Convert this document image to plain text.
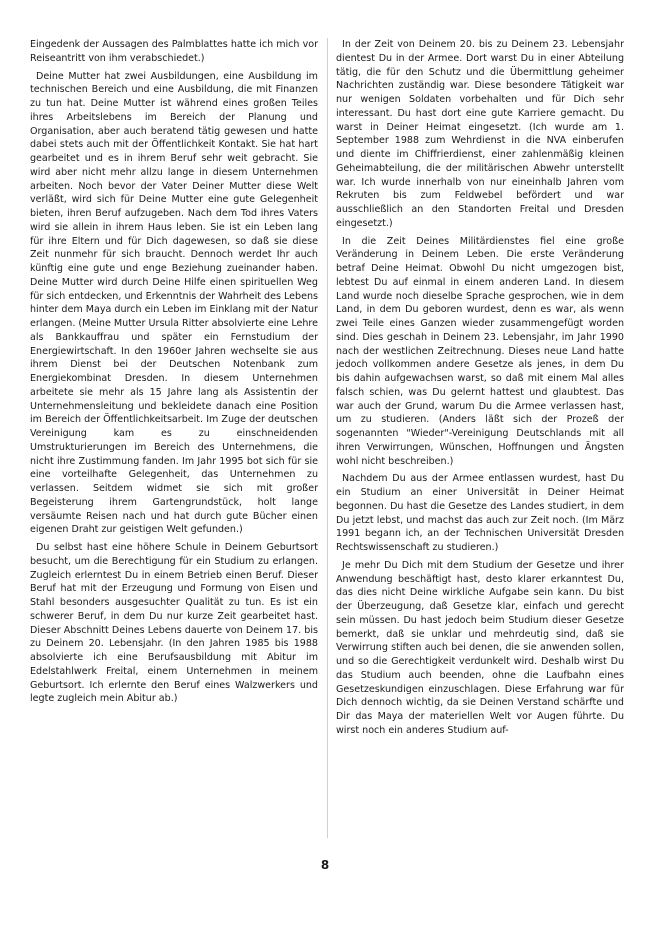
Eingedenk der Aussagen des Palmblattes hatte ich mich vor Reiseantritt von ihm verabschiedet.)

Deine Mutter hat zwei Ausbildungen, eine Ausbildung im technischen Bereich und eine Ausbildung, die mit Finanzen zu tun hat. Deine Mutter ist während eines großen Teiles ihres Arbeitslebens im Bereich der Planung und Organisation, aber auch beratend tätig gewesen und hatte dabei stets auch mit der Öffentlichkeit Kontakt. Sie hat hart gearbeitet und es in ihrem Beruf sehr weit gebracht. Sie wird aber nicht mehr allzu lange in diesem Unternehmen arbeiten. Noch bevor der Vater Deiner Mutter diese Welt verläßt, wird sich für Deine Mutter eine gute Gelegenheit bieten, ihren Beruf aufzugeben. Nach dem Tod ihres Vaters wird sie allein in ihrem Haus leben. Sie ist ein Leben lang für ihre Eltern und für Dich dagewesen, so daß sie diese Zeit nunmehr für sich braucht. Dennoch werdet Ihr auch künftig eine gute und enge Beziehung zueinander haben. Deine Mutter wird durch Deine Hilfe einen spirituellen Weg für sich entdecken, und Erkenntnis der Wahrheit des Lebens hinter dem Maya durch ein Leben im Einklang mit der Natur erlangen. (Meine Mutter Ursula Ritter absolvierte eine Lehre als Bankkauffrau und später ein Fernstudium der Energiewirtschaft. In den 1960er Jahren wechselte sie aus ihrem Dienst bei der Deutschen Notenbank zum Energiekombinat Dresden. In diesem Unternehmen arbeitete sie mehr als 15 Jahre lang als Assistentin der Unternehmensleitung und bekleidete danach eine Position im Bereich der Öffentlichkeitsarbeit. Im Zuge der deutschen Vereinigung kam es zu einschneidenden Umstrukturierungen im Bereich des Unternehmens, die nicht ihre Zustimmung fanden. Im Jahr 1995 bot sich für sie eine vorteilhafte Gelegenheit, das Unternehmen zu verlassen. Seitdem widmet sie sich mit großer Begeisterung ihrem Gartengrundstück, holt lange versäumte Reisen nach und hat durch gute Bücher einen eigenen Draht zur geistigen Welt gefunden.)

Du selbst hast eine höhere Schule in Deinem Geburtsort besucht, um die Berechtigung für ein Studium zu erlangen. Zugleich erlerntest Du in einem Betrieb einen Beruf. Dieser Beruf hat mit der Erzeugung und Formung von Eisen und Stahl besonders ausgesuchter Qualität zu tun. Es ist ein schwerer Beruf, in dem Du nur kurze Zeit gearbeitet hast. Dieser Abschnitt Deines Lebens dauerte von Deinem 17. bis zu Deinem 20. Lebensjahr. (In den Jahren 1985 bis 1988 absolvierte ich eine Berufsausbildung mit Abitur im Edelstahlwerk Freital, einem Unternehmen in meinem Geburtsort. Ich erlernte den Beruf eines Walzwerkers und legte zugleich mein Abitur ab.)

In der Zeit von Deinem 20. bis zu Deinem 23. Lebensjahr dientest Du in der Armee. Dort warst Du in einer Abteilung tätig, die für den Schutz und die Übermittlung geheimer Nachrichten zuständig war. Diese besondere Tätigkeit war nur wenigen Soldaten vorbehalten und für Dich sehr interessant. Du hast dort eine gute Karriere gemacht. Du warst in Deiner Heimat eingesetzt. (Ich wurde am 1. September 1988 zum Wehrdienst in die NVA einberufen und diente im Chiffrierdienst, einer zahlenmäßig kleinen Geheimabteilung, die der militärischen Abwehr unterstellt war. Ich wurde innerhalb von nur eineinhalb Jahren vom Rekruten bis zum Feldwebel befördert und war ausschließlich an den Standorten Freital und Dresden eingesetzt.)

In die Zeit Deines Militärdienstes fiel eine große Veränderung in Deinem Leben. Die erste Veränderung betraf Deine Heimat. Obwohl Du nicht umgezogen bist, lebtest Du auf einmal in einem anderen Land. In diesem Land wurde noch dieselbe Sprache gesprochen, wie in dem Land, in dem Du geboren wurdest, denn es war, als wenn zwei Teile eines Ganzen wieder zusammengefügt worden sind. Dies geschah in Deinem 23. Lebensjahr, im Jahr 1990 nach der westlichen Zeitrechnung. Dieses neue Land hatte jedoch vollkommen andere Gesetze als jenes, in dem Du bis dahin aufgewachsen warst, so daß mit einem Mal alles falsch schien, was Du gelernt hattest und glaubtest. Das war auch der Grund, warum Du die Armee verlassen hast, um zu studieren. (Anders läßt sich der Prozeß der sogenannten "Wieder"-Vereinigung Deutschlands mit all ihren Verwirrungen, Wünschen, Hoffnungen und Ängsten wohl nicht beschreiben.)

Nachdem Du aus der Armee entlassen wurdest, hast Du ein Studium an einer Universität in Deiner Heimat begonnen. Du hast die Gesetze des Landes studiert, in dem Du jetzt lebst, und machst das auch zur Zeit noch. (Im März 1991 begann ich, an der Technischen Universität Dresden Rechtswissenschaft zu studieren.)

Je mehr Du Dich mit dem Studium der Gesetze und ihrer Anwendung beschäftigt hast, desto klarer erkanntest Du, das dies nicht Deine wirkliche Aufgabe sein kann. Du bist der Überzeugung, daß Gesetze klar, einfach und gerecht sein müssen. Du hast jedoch beim Studium dieser Gesetze bemerkt, daß sie unklar und mehrdeutig sind, daß sie Verwirrung stiften auch bei denen, die sie anwenden sollen, und so die Gerechtigkeit verdunkelt wird. Deshalb wirst Du das Studium auch beenden, ohne die Laufbahn eines Gesetzeskundigen einzuschlagen. Diese Erfahrung war für Dich dennoch wichtig, da sie Deinen Verstand schärfte und Dir das Maya der materiellen Welt vor Augen führte. Du wirst noch ein anderes Studium auf-

8
